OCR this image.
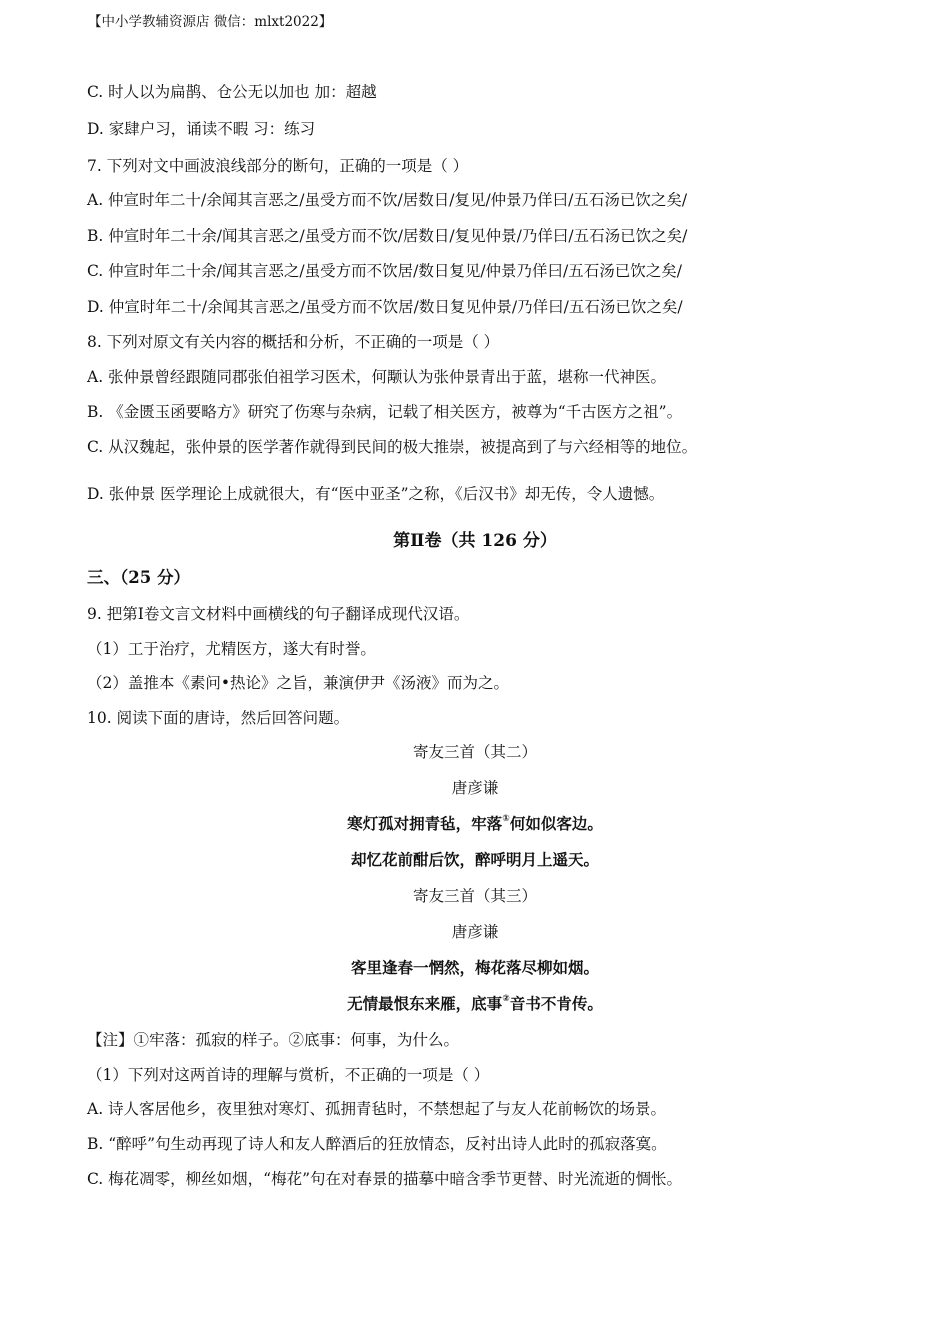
【中小学教辅资源店 微信：mlxt2022】
C. 时人以为扁鹊、仓公无以加也 加：超越
D. 家肆户习，诵读不暇 习：练习
7. 下列对文中画波浪线部分的断句，正确的一项是（ ）
A. 仲宣时年二十/余闻其言恶之/虽受方而不饮/居数日/复见/仲景乃佯曰/五石汤已饮之矣/
B. 仲宣时年二十余/闻其言恶之/虽受方而不饮/居数日/复见仲景/乃佯曰/五石汤已饮之矣/
C. 仲宣时年二十余/闻其言恶之/虽受方而不饮居/数日复见/仲景乃佯曰/五石汤已饮之矣/
D. 仲宣时年二十/余闻其言恶之/虽受方而不饮居/数日复见仲景/乃佯曰/五石汤已饮之矣/
8. 下列对原文有关内容的概括和分析，不正确的一项是（ ）
A. 张仲景曾经跟随同郡张伯祖学习医术，何颙认为张仲景青出于蓝，堪称一代神医。
B. 《金匮玉函要略方》研究了伤寒与杂病，记载了相关医方，被尊为“千古医方之祖”。
C. 从汉魏起，张仲景的医学著作就得到民间的极大推崇，被提高到了与六经相等的地位。
D. 张仲景 医学理论上成就很大，有“医中亚圣”之称，《后汉书》却无传，令人遗憾。
第Ⅱ卷（共 126 分）
三、（25 分）
9. 把第Ⅰ卷文言文材料中画横线的句子翻译成现代汉语。
（1）工于治疗，尤精医方，遂大有时誉。
（2）盖推本《素问•热论》之旨，兼演伊尹《汤液》而为之。
10. 阅读下面的唐诗，然后回答问题。
寄友三首（其二）
唐彦谦
寒灯孤对拥青毡，牢落①何如似客边。
却忆花前酣后饮，醉呼明月上遥天。
寄友三首（其三）
唐彦谦
客里逢春一惘然，梅花落尽柳如烟。
无情最恨东来雁，底事②音书不肯传。
【注】①牢落：孤寂的样子。②底事：何事，为什么。
（1）下列对这两首诗的理解与赏析，不正确的一项是（ ）
A. 诗人客居他乡，夜里独对寒灯、孤拥青毡时，不禁想起了与友人花前畅饮的场景。
B. “醉呼”句生动再现了诗人和友人醉酒后的狂放情态，反衬出诗人此时的孤寂落寞。
C. 梅花凋零，柳丝如烟，“梅花”句在对春景的描摹中暗含季节更替、时光流逝的惆怅。
